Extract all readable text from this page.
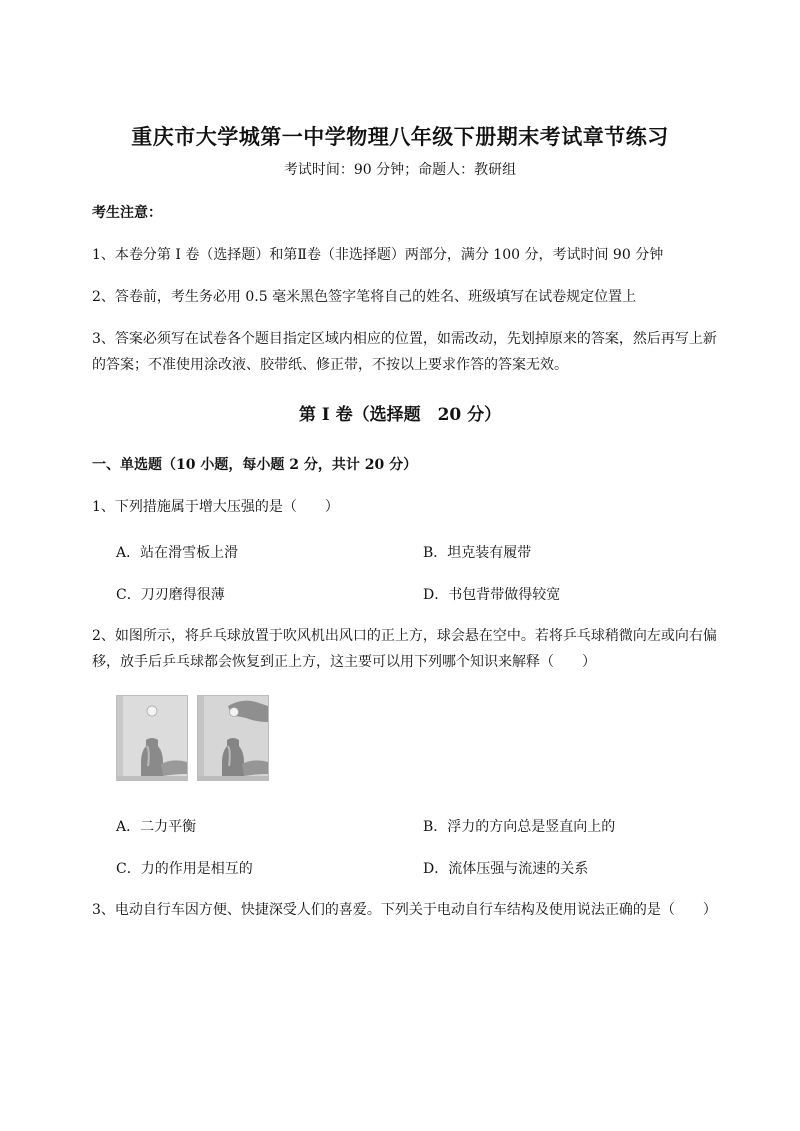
重庆市大学城第一中学物理八年级下册期末考试章节练习
考试时间：90 分钟；命题人：教研组
考生注意：
1、本卷分第 I 卷（选择题）和第Ⅱ卷（非选择题）两部分，满分 100 分，考试时间 90 分钟
2、答卷前，考生务必用 0.5 毫米黑色签字笔将自己的姓名、班级填写在试卷规定位置上
3、答案必须写在试卷各个题目指定区域内相应的位置，如需改动，先划掉原来的答案，然后再写上新
的答案；不准使用涂改液、胶带纸、修正带，不按以上要求作答的答案无效。
第 I 卷（选择题　20 分）
一、单选题（10 小题，每小题 2 分，共计 20 分）
1、下列措施属于增大压强的是（　　）
A．站在滑雪板上滑	B．坦克装有履带
C．刀刃磨得很薄	D．书包背带做得较宽
2、如图所示，将乒乓球放置于吹风机出风口的正上方，球会悬在空中。若将乒乓球稍微向左或向右偏
移，放手后乒乓球都会恢复到正上方，这主要可以用下列哪个知识来解释（　　）
A．二力平衡	B．浮力的方向总是竖直向上的
C．力的作用是相互的	D．流体压强与流速的关系
3、电动自行车因方便、快捷深受人们的喜爱。下列关于电动自行车结构及使用说法正确的是（　　）
